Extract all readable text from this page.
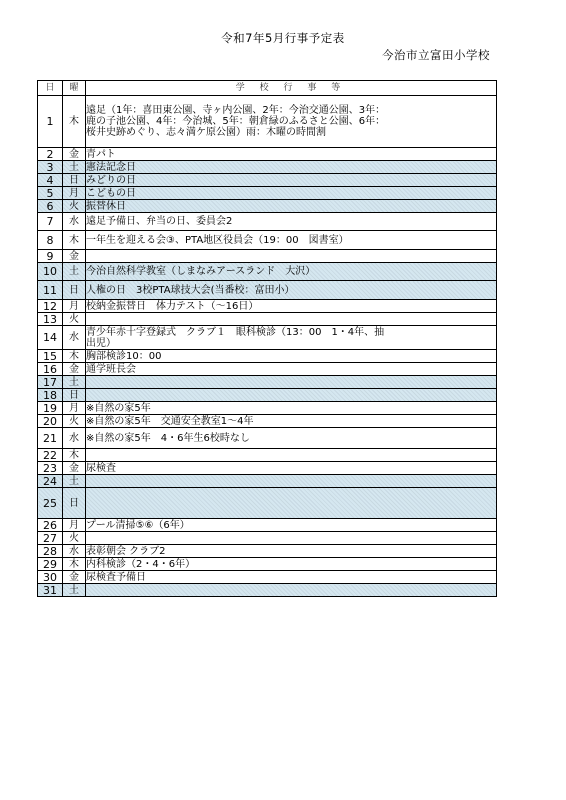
令和7年5月行事予定表
今治市立富田小学校
日	曜	学 校 行 事 等
1	木	遠足（1年：喜田東公園、寺ヶ内公園、2年：今治交通公園、3年：
鹿の子池公園、4年：今治城、5年：朝倉緑のふるさと公園、6年：
桜井史跡めぐり、志々満ケ原公園）雨：木曜の時間割
2	金	青パト
3	土	憲法記念日
4	日	みどりの日
5	月	こどもの日
6	火	振替休日
7	水	遠足予備日、弁当の日、委員会2
8	木	一年生を迎える会③、PTA地区役員会（19：00　図書室）
9	金	
10	土	今治自然科学教室（しまなみアースランド　大沢）
11	日	人権の日　3校PTA球技大会(当番校：富田小）
12	月	校納金振替日　体力テスト（～16日）
13	火	
14	水	青少年赤十字登録式　クラブ１　眼科検診（13：00　1・4年、抽
出児）
15	木	胸部検診10：00
16	金	通学班長会
17	土	
18	日	
19	月	※自然の家5年
20	火	※自然の家5年　交通安全教室1～4年
21	水	※自然の家5年　4・6年生6校時なし
22	木	
23	金	尿検査
24	土	
25	日	
26	月	プール清掃⑤⑥（6年）
27	火	
28	水	表彰朝会 クラブ2
29	木	内科検診（2・4・6年）
30	金	尿検査予備日
31	土	
